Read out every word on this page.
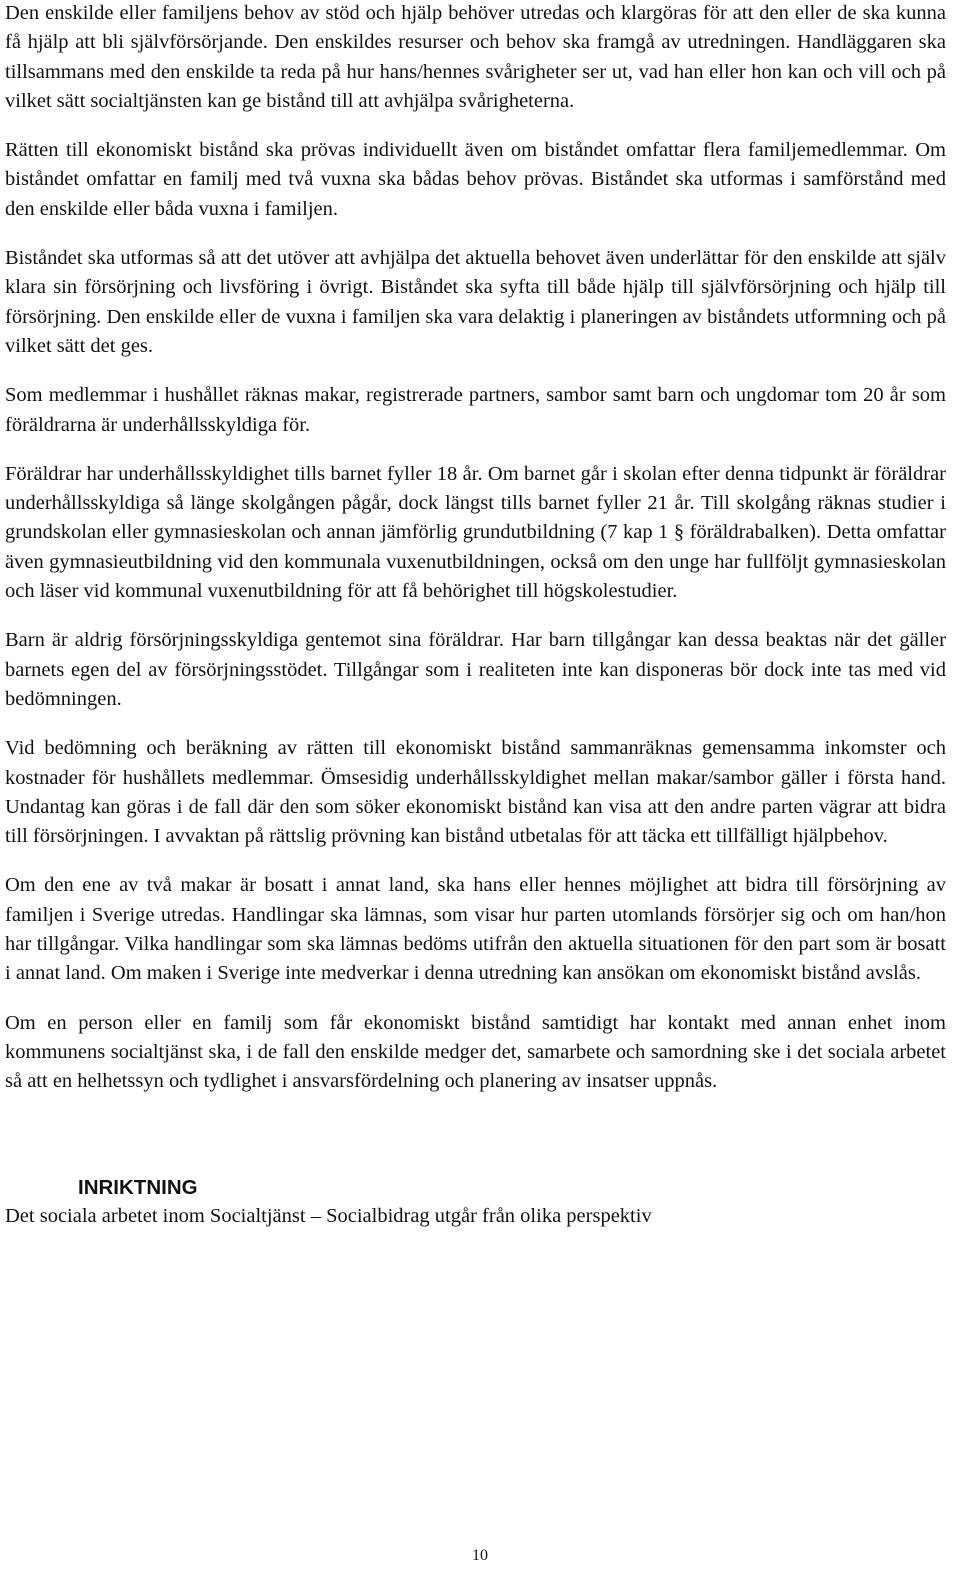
Den enskilde eller familjens behov av stöd och hjälp behöver utredas och klargöras för att den eller de ska kunna få hjälp att bli självförsörjande. Den enskildes resurser och behov ska framgå av utredningen. Handläggaren ska tillsammans med den enskilde ta reda på hur hans/hennes svårigheter ser ut, vad han eller hon kan och vill och på vilket sätt socialtjänsten kan ge bistånd till att avhjälpa svårigheterna.

Rätten till ekonomiskt bistånd ska prövas individuellt även om biståndet omfattar flera familjemedlemmar. Om biståndet omfattar en familj med två vuxna ska bådas behov prövas. Biståndet ska utformas i samförstånd med den enskilde eller båda vuxna i familjen.

Biståndet ska utformas så att det utöver att avhjälpa det aktuella behovet även underlättar för den enskilde att själv klara sin försörjning och livsföring i övrigt. Biståndet ska syfta till både hjälp till självförsörjning och hjälp till försörjning. Den enskilde eller de vuxna i familjen ska vara delaktig i planeringen av biståndets utformning och på vilket sätt det ges.

Som medlemmar i hushållet räknas makar, registrerade partners, sambor samt barn och ungdomar tom 20 år som föräldrarna är underhållsskyldiga för.

Föräldrar har underhållsskyldighet tills barnet fyller 18 år. Om barnet går i skolan efter denna tidpunkt är föräldrar underhållsskyldiga så länge skolgången pågår, dock längst tills barnet fyller 21 år. Till skolgång räknas studier i grundskolan eller gymnasieskolan och annan jämförlig grundutbildning (7 kap 1 § föräldrabalken). Detta omfattar även gymnasieutbildning vid den kommunala vuxenutbildningen, också om den unge har fullföljt gymnasieskolan och läser vid kommunal vuxenutbildning för att få behörighet till högskolestudier.

Barn är aldrig försörjningsskyldiga gentemot sina föräldrar. Har barn tillgångar kan dessa beaktas när det gäller barnets egen del av försörjningsstödet. Tillgångar som i realiteten inte kan disponeras bör dock inte tas med vid bedömningen.

Vid bedömning och beräkning av rätten till ekonomiskt bistånd sammanräknas gemensamma inkomster och kostnader för hushållets medlemmar. Ömsesidig underhållsskyldighet mellan makar/sambor gäller i första hand. Undantag kan göras i de fall där den som söker ekonomiskt bistånd kan visa att den andre parten vägrar att bidra till försörjningen. I avvaktan på rättslig prövning kan bistånd utbetalas för att täcka ett tillfälligt hjälpbehov.

Om den ene av två makar är bosatt i annat land, ska hans eller hennes möjlighet att bidra till försörjning av familjen i Sverige utredas. Handlingar ska lämnas, som visar hur parten utomlands försörjer sig och om han/hon har tillgångar. Vilka handlingar som ska lämnas bedöms utifrån den aktuella situationen för den part som är bosatt i annat land. Om maken i Sverige inte medverkar i denna utredning kan ansökan om ekonomiskt bistånd avslås.

Om en person eller en familj som får ekonomiskt bistånd samtidigt har kontakt med annan enhet inom kommunens socialtjänst ska, i de fall den enskilde medger det, samarbete och samordning ske i det sociala arbetet så att en helhetssyn och tydlighet i ansvarsfördelning och planering av insatser uppnås.

INRIKTNING

Det sociala arbetet inom Socialtjänst – Socialbidrag utgår från olika perspektiv

10
